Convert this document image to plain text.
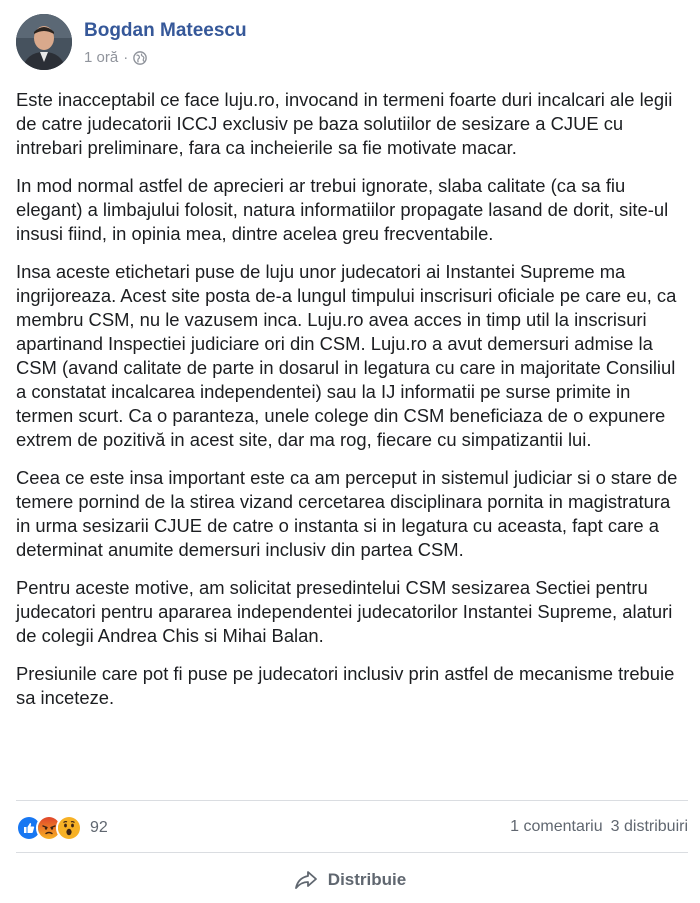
Bogdan Mateescu
1 oră ·

Este inacceptabil ce face luju.ro, invocand in termeni foarte duri incalcari ale legii de catre judecatorii ICCJ exclusiv pe baza solutiilor de sesizare a CJUE cu intrebari preliminare, fara ca incheierile sa fie motivate macar.

In mod normal astfel de aprecieri ar trebui ignorate, slaba calitate (ca sa fiu elegant) a limbajului folosit, natura informatiilor propagate lasand de dorit, site-ul insusi fiind, in opinia mea, dintre acelea greu frecventabile.

Insa aceste etichetari puse de luju unor judecatori ai Instantei Supreme ma ingrijoreaza. Acest site posta de-a lungul timpului inscrisuri oficiale pe care eu, ca membru CSM, nu le vazusem inca. Luju.ro avea acces in timp util la inscrisuri apartinand Inspectiei judiciare ori din CSM. Luju.ro a avut demersuri admise la CSM (avand calitate de parte in dosarul in legatura cu care in majoritate Consiliul a constatat incalcarea independentei) sau la IJ informatii pe surse primite in termen scurt. Ca o paranteza, unele colege din CSM beneficiaza de o expunere extrem de pozitivă in acest site, dar ma rog, fiecare cu simpatizantii lui.

Ceea ce este insa important este ca am perceput in sistemul judiciar si o stare de temere pornind de la stirea vizand cercetarea disciplinara pornita in magistratura in urma sesizarii CJUE de catre o instanta si in legatura cu aceasta, fapt care a determinat anumite demersuri inclusiv din partea CSM.

Pentru aceste motive, am solicitat presedintelui CSM sesizarea Sectiei pentru judecatori pentru apararea independentei judecatorilor Instantei Supreme, alaturi de colegii Andrea Chis si Mihai Balan.

Presiunile care pot fi puse pe judecatori inclusiv prin astfel de mecanisme trebuie sa inceteze.

92	1 comentariu 3 distribuiri
Distribuie
